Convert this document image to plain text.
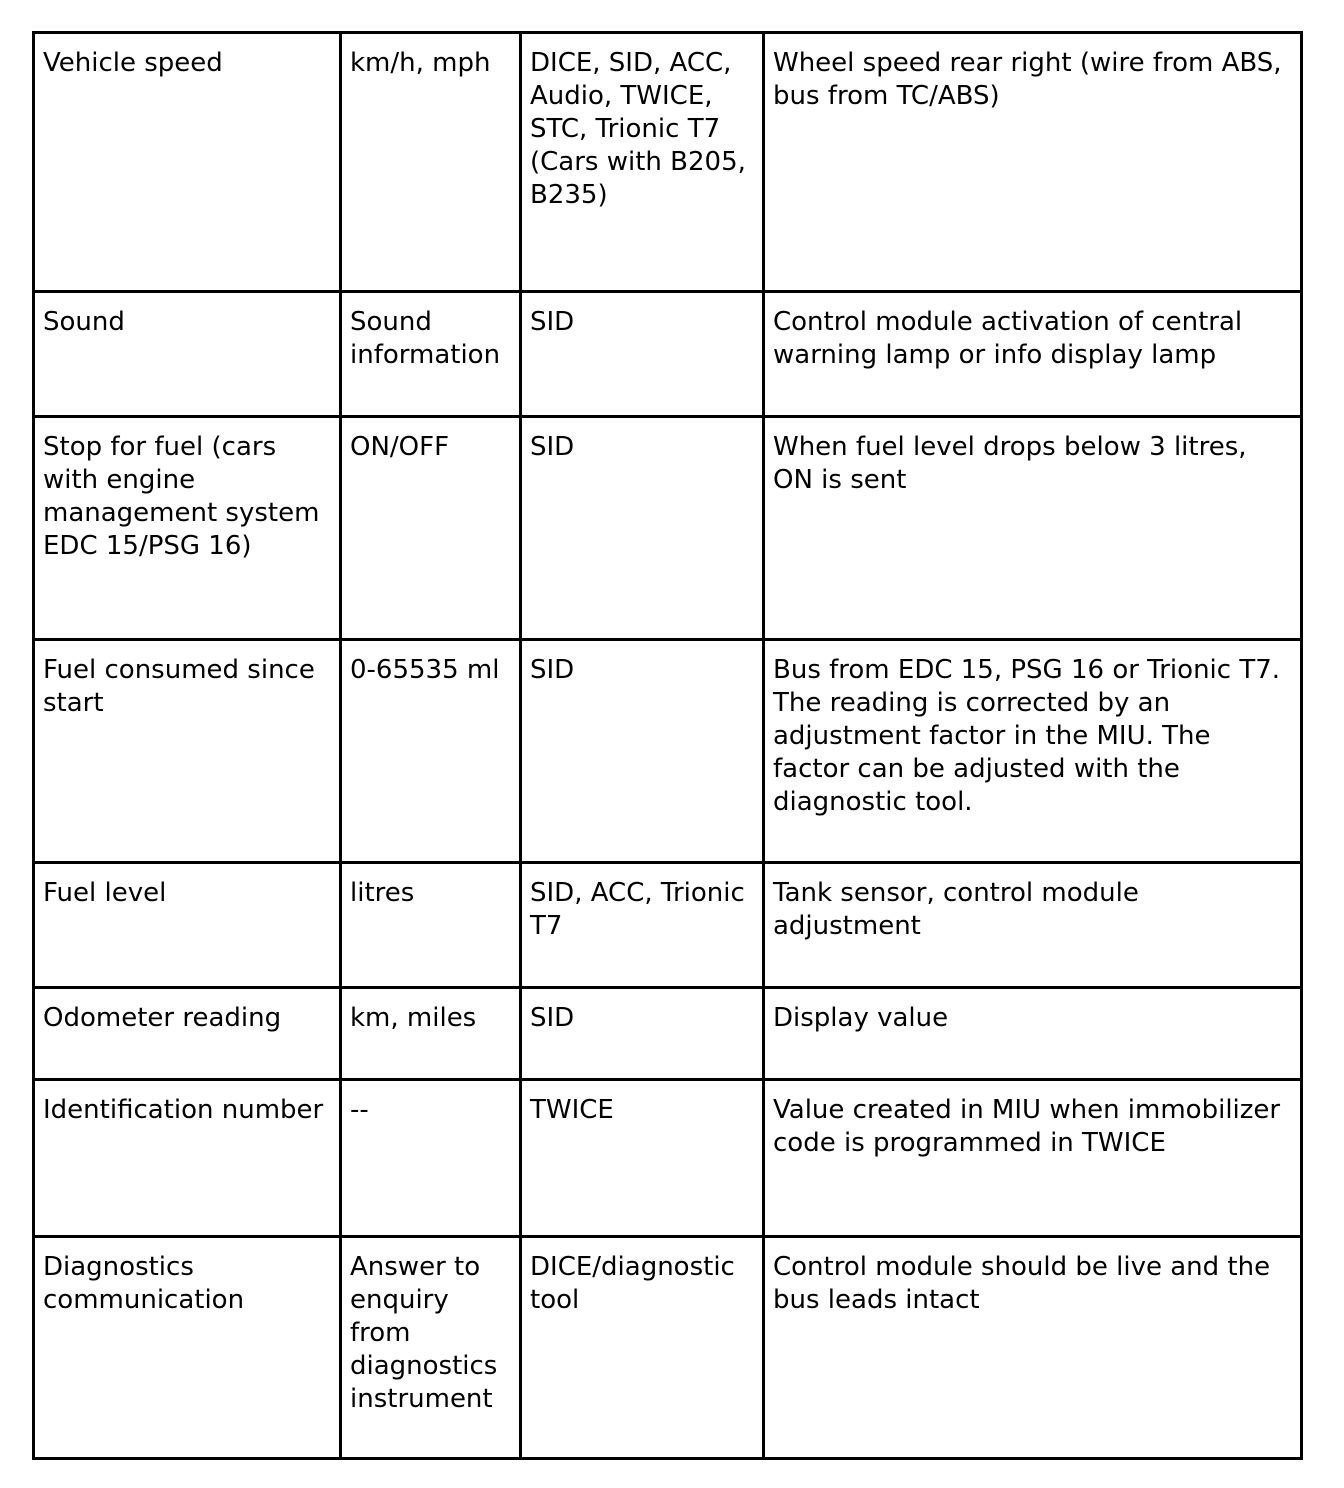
Vehicle speed	km/h, mph	DICE, SID, ACC, Audio, TWICE, STC, Trionic T7 (Cars with B205, B235)	Wheel speed rear right (wire from ABS, bus from TC/ABS)
Sound	Sound information	SID	Control module activation of central warning lamp or info display lamp
Stop for fuel (cars with engine management system EDC 15/PSG 16)	ON/OFF	SID	When fuel level drops below 3 litres, ON is sent
Fuel consumed since start	0-65535 ml	SID	Bus from EDC 15, PSG 16 or Trionic T7. The reading is corrected by an adjustment factor in the MIU. The factor can be adjusted with the diagnostic tool.
Fuel level	litres	SID, ACC, Trionic T7	Tank sensor, control module adjustment
Odometer reading	km, miles	SID	Display value
Identification number	--	TWICE	Value created in MIU when immobilizer code is programmed in TWICE
Diagnostics communication	Answer to enquiry from diagnostics instrument	DICE/diagnostic tool	Control module should be live and the bus leads intact
